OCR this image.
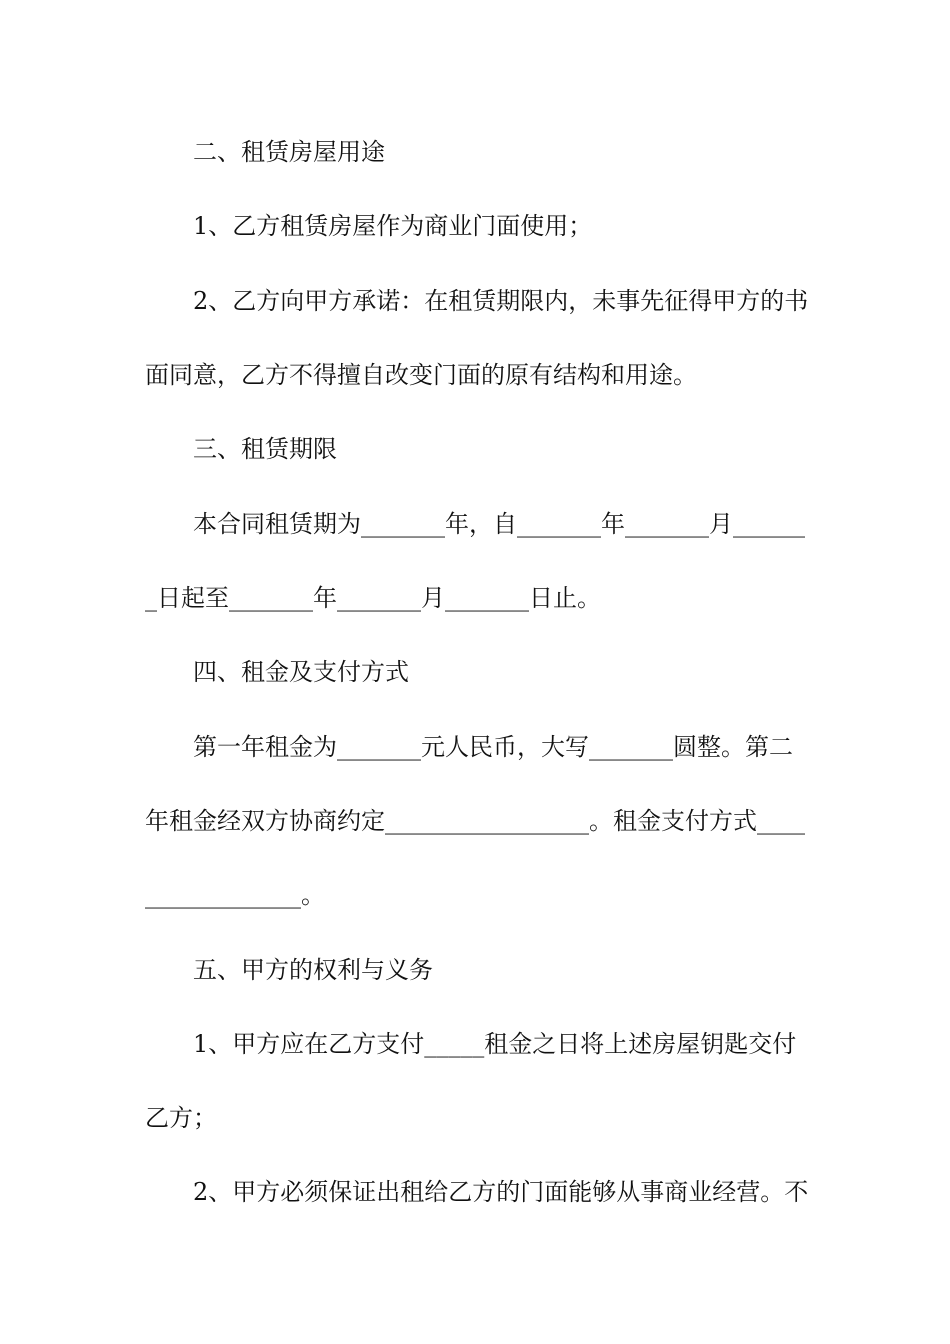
二、租赁房屋用途
1、乙方租赁房屋作为商业门面使用；
2、乙方向甲方承诺：在租赁期限内，未事先征得甲方的书
面同意，乙方不得擅自改变门面的原有结构和用途。
三、租赁期限
本合同租赁期为_______年，自_______年_______月______
_日起至_______年_______月_______日止。
四、租金及支付方式
第一年租金为_______元人民币，大写_______圆整。第二
年租金经双方协商约定_________________。租金支付方式____
_____________。
五、甲方的权利与义务
1、甲方应在乙方支付_____租金之日将上述房屋钥匙交付
乙方；
2、甲方必须保证出租给乙方的门面能够从事商业经营。不
